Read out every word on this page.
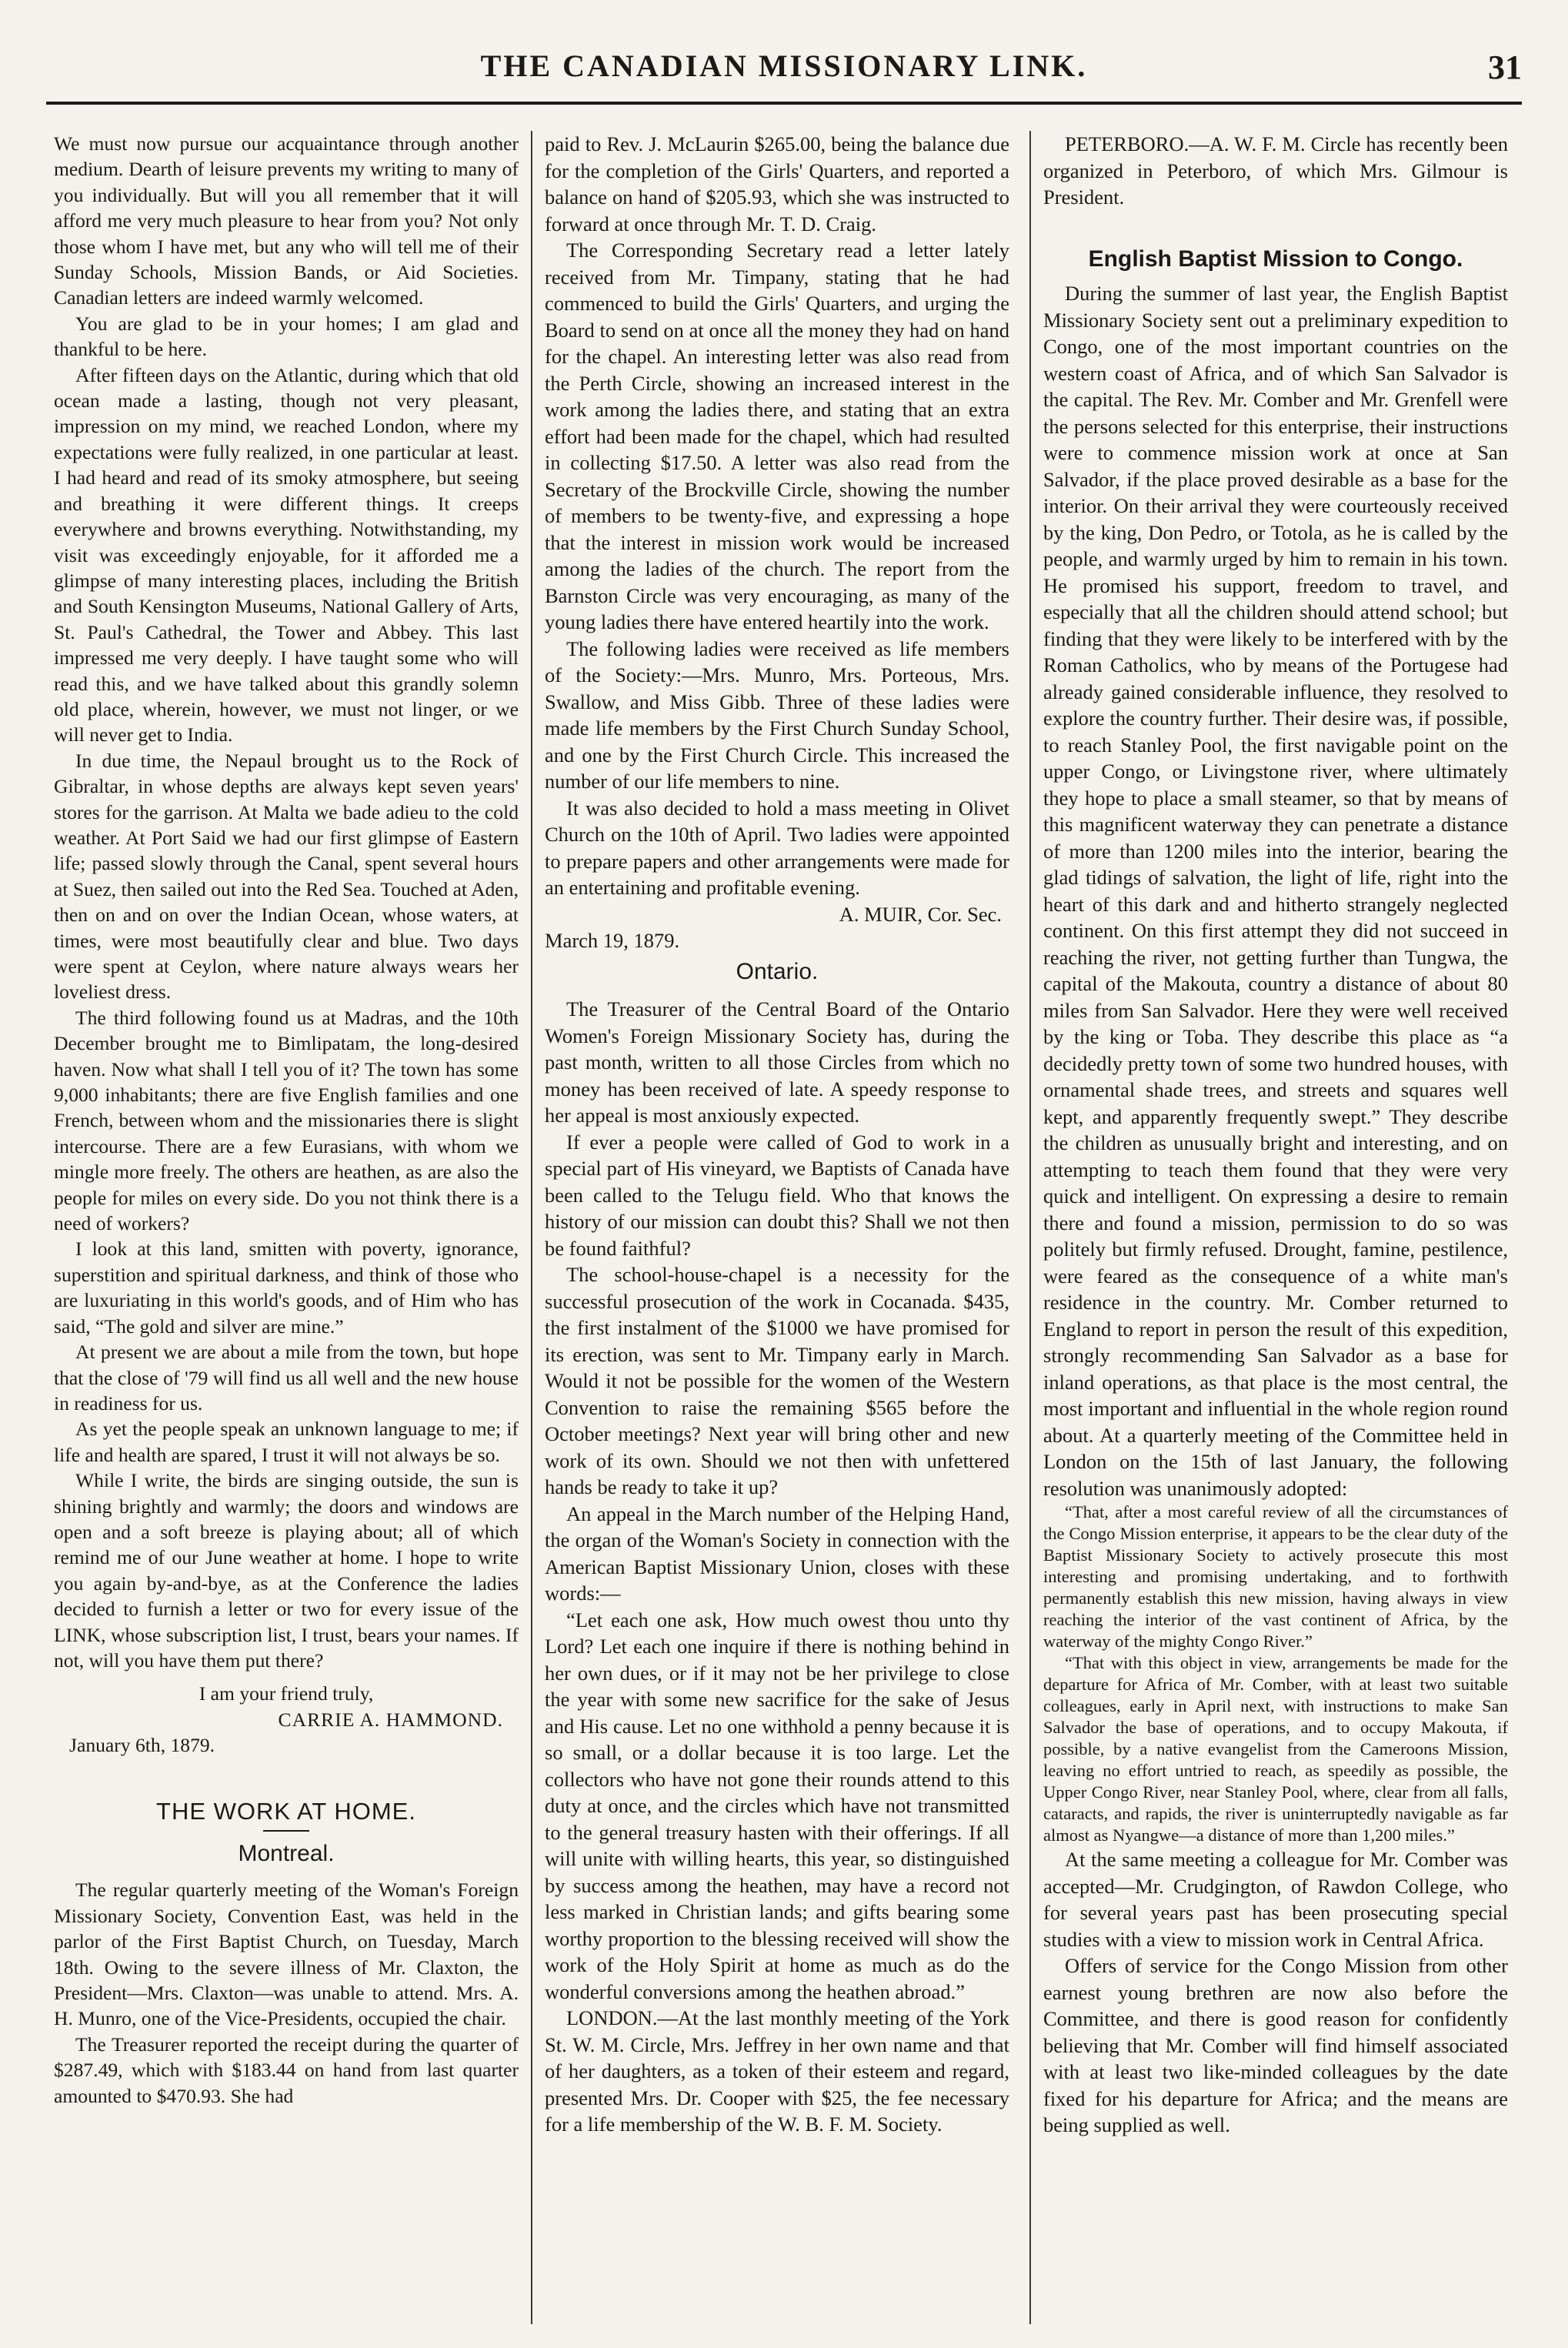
THE CANADIAN MISSIONARY LINK.	31

We must now pursue our acquaintance through another medium. Dearth of leisure prevents my writing to many of you individually. But will you all remember that it will afford me very much pleasure to hear from you? Not only those whom I have met, but any who will tell me of their Sunday Schools, Mission Bands, or Aid Societies. Canadian letters are indeed warmly welcomed.

You are glad to be in your homes; I am glad and thankful to be here.

After fifteen days on the Atlantic, during which that old ocean made a lasting, though not very pleasant, impression on my mind, we reached London, where my expectations were fully realized, in one particular at least. I had heard and read of its smoky atmosphere, but seeing and breathing it were different things. It creeps everywhere and browns everything. Notwithstanding, my visit was exceedingly enjoyable, for it afforded me a glimpse of many interesting places, including the British and South Kensington Museums, National Gallery of Arts, St. Paul's Cathedral, the Tower and Abbey. This last impressed me very deeply. I have taught some who will read this, and we have talked about this grandly solemn old place, wherein, however, we must not linger, or we will never get to India.

In due time, the Nepaul brought us to the Rock of Gibraltar, in whose depths are always kept seven years' stores for the garrison. At Malta we bade adieu to the cold weather. At Port Said we had our first glimpse of Eastern life; passed slowly through the Canal, spent several hours at Suez, then sailed out into the Red Sea. Touched at Aden, then on and on over the Indian Ocean, whose waters, at times, were most beautifully clear and blue. Two days were spent at Ceylon, where nature always wears her loveliest dress.

The third following found us at Madras, and the 10th December brought me to Bimlipatam, the long-desired haven. Now what shall I tell you of it? The town has some 9,000 inhabitants; there are five English families and one French, between whom and the missionaries there is slight intercourse. There are a few Eurasians, with whom we mingle more freely. The others are heathen, as are also the people for miles on every side. Do you not think there is a need of workers?

I look at this land, smitten with poverty, ignorance, superstition and spiritual darkness, and think of those who are luxuriating in this world's goods, and of Him who has said, “The gold and silver are mine.”

At present we are about a mile from the town, but hope that the close of '79 will find us all well and the new house in readiness for us.

As yet the people speak an unknown language to me; if life and health are spared, I trust it will not always be so.

While I write, the birds are singing outside, the sun is shining brightly and warmly; the doors and windows are open and a soft breeze is playing about; all of which remind me of our June weather at home. I hope to write you again by-and-bye, as at the Conference the ladies decided to furnish a letter or two for every issue of the LINK, whose subscription list, I trust, bears your names. If not, will you have them put there?

I am your friend truly,

CARRIE A. HAMMOND.

January 6th, 1879.

THE WORK AT HOME.
Montreal.

The regular quarterly meeting of the Woman's Foreign Missionary Society, Convention East, was held in the parlor of the First Baptist Church, on Tuesday, March 18th. Owing to the severe illness of Mr. Claxton, the President—Mrs. Claxton—was unable to attend. Mrs. A. H. Munro, one of the Vice-Presidents, occupied the chair.

The Treasurer reported the receipt during the quarter of $287.49, which with $183.44 on hand from last quarter amounted to $470.93. She had

paid to Rev. J. McLaurin $265.00, being the balance due for the completion of the Girls' Quarters, and reported a balance on hand of $205.93, which she was instructed to forward at once through Mr. T. D. Craig.

The Corresponding Secretary read a letter lately received from Mr. Timpany, stating that he had commenced to build the Girls' Quarters, and urging the Board to send on at once all the money they had on hand for the chapel. An interesting letter was also read from the Perth Circle, showing an increased interest in the work among the ladies there, and stating that an extra effort had been made for the chapel, which had resulted in collecting $17.50. A letter was also read from the Secretary of the Brockville Circle, showing the number of members to be twenty-five, and expressing a hope that the interest in mission work would be increased among the ladies of the church. The report from the Barnston Circle was very encouraging, as many of the young ladies there have entered heartily into the work.

The following ladies were received as life members of the Society:—Mrs. Munro, Mrs. Porteous, Mrs. Swallow, and Miss Gibb. Three of these ladies were made life members by the First Church Sunday School, and one by the First Church Circle. This increased the number of our life members to nine.

It was also decided to hold a mass meeting in Olivet Church on the 10th of April. Two ladies were appointed to prepare papers and other arrangements were made for an entertaining and profitable evening.

A. MUIR, Cor. Sec.

March 19, 1879.

Ontario.

The Treasurer of the Central Board of the Ontario Women's Foreign Missionary Society has, during the past month, written to all those Circles from which no money has been received of late. A speedy response to her appeal is most anxiously expected.

If ever a people were called of God to work in a special part of His vineyard, we Baptists of Canada have been called to the Telugu field. Who that knows the history of our mission can doubt this? Shall we not then be found faithful?

The school-house-chapel is a necessity for the successful prosecution of the work in Cocanada. $435, the first instalment of the $1000 we have promised for its erection, was sent to Mr. Timpany early in March. Would it not be possible for the women of the Western Convention to raise the remaining $565 before the October meetings? Next year will bring other and new work of its own. Should we not then with unfettered hands be ready to take it up?

An appeal in the March number of the Helping Hand, the organ of the Woman's Society in connection with the American Baptist Missionary Union, closes with these words:—

“Let each one ask, How much owest thou unto thy Lord? Let each one inquire if there is nothing behind in her own dues, or if it may not be her privilege to close the year with some new sacrifice for the sake of Jesus and His cause. Let no one withhold a penny because it is so small, or a dollar because it is too large. Let the collectors who have not gone their rounds attend to this duty at once, and the circles which have not transmitted to the general treasury hasten with their offerings. If all will unite with willing hearts, this year, so distinguished by success among the heathen, may have a record not less marked in Christian lands; and gifts bearing some worthy proportion to the blessing received will show the work of the Holy Spirit at home as much as do the wonderful conversions among the heathen abroad.”

LONDON.—At the last monthly meeting of the York St. W. M. Circle, Mrs. Jeffrey in her own name and that of her daughters, as a token of their esteem and regard, presented Mrs. Dr. Cooper with $25, the fee necessary for a life membership of the W. B. F. M. Society.

PETERBORO.—A. W. F. M. Circle has recently been organized in Peterboro, of which Mrs. Gilmour is President.

English Baptist Mission to Congo.

During the summer of last year, the English Baptist Missionary Society sent out a preliminary expedition to Congo, one of the most important countries on the western coast of Africa, and of which San Salvador is the capital. The Rev. Mr. Comber and Mr. Grenfell were the persons selected for this enterprise, their instructions were to commence mission work at once at San Salvador, if the place proved desirable as a base for the interior. On their arrival they were courteously received by the king, Don Pedro, or Totola, as he is called by the people, and warmly urged by him to remain in his town. He promised his support, freedom to travel, and especially that all the children should attend school; but finding that they were likely to be interfered with by the Roman Catholics, who by means of the Portugese had already gained considerable influence, they resolved to explore the country further. Their desire was, if possible, to reach Stanley Pool, the first navigable point on the upper Congo, or Livingstone river, where ultimately they hope to place a small steamer, so that by means of this magnificent waterway they can penetrate a distance of more than 1200 miles into the interior, bearing the glad tidings of salvation, the light of life, right into the heart of this dark and and hitherto strangely neglected continent. On this first attempt they did not succeed in reaching the river, not getting further than Tungwa, the capital of the Makouta, country a distance of about 80 miles from San Salvador. Here they were well received by the king or Toba. They describe this place as “a decidedly pretty town of some two hundred houses, with ornamental shade trees, and streets and squares well kept, and apparently frequently swept.” They describe the children as unusually bright and interesting, and on attempting to teach them found that they were very quick and intelligent. On expressing a desire to remain there and found a mission, permission to do so was politely but firmly refused. Drought, famine, pestilence, were feared as the consequence of a white man's residence in the country. Mr. Comber returned to England to report in person the result of this expedition, strongly recommending San Salvador as a base for inland operations, as that place is the most central, the most important and influential in the whole region round about. At a quarterly meeting of the Committee held in London on the 15th of last January, the following resolution was unanimously adopted:

“That, after a most careful review of all the circumstances of the Congo Mission enterprise, it appears to be the clear duty of the Baptist Missionary Society to actively prosecute this most interesting and promising undertaking, and to forthwith permanently establish this new mission, having always in view reaching the interior of the vast continent of Africa, by the waterway of the mighty Congo River.”

“That with this object in view, arrangements be made for the departure for Africa of Mr. Comber, with at least two suitable colleagues, early in April next, with instructions to make San Salvador the base of operations, and to occupy Makouta, if possible, by a native evangelist from the Cameroons Mission, leaving no effort untried to reach, as speedily as possible, the Upper Congo River, near Stanley Pool, where, clear from all falls, cataracts, and rapids, the river is uninterruptedly navigable as far almost as Nyangwe—a distance of more than 1,200 miles.”

At the same meeting a colleague for Mr. Comber was accepted—Mr. Crudgington, of Rawdon College, who for several years past has been prosecuting special studies with a view to mission work in Central Africa.

Offers of service for the Congo Mission from other earnest young brethren are now also before the Committee, and there is good reason for confidently believing that Mr. Comber will find himself associated with at least two like-minded colleagues by the date fixed for his departure for Africa; and the means are being supplied as well.
